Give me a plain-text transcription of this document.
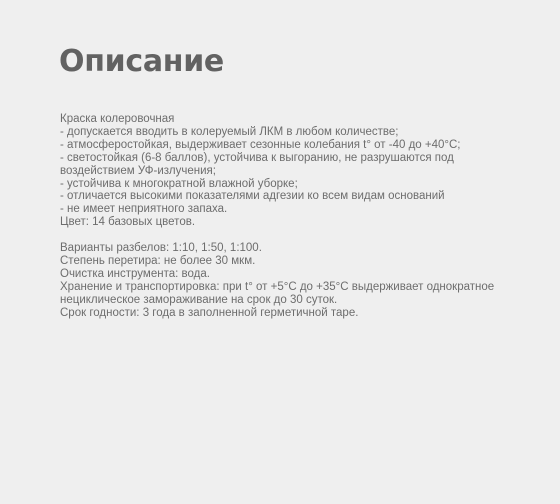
Описание
Краска колеровочная
- допускается вводить в колеруемый ЛКМ в любом количестве;
- атмосферостойкая, выдерживает сезонные колебания t° от -40 до +40°C;
- светостойкая (6-8 баллов), устойчива к выгоранию, не разрушаются под
воздействием УФ-излучения;
- устойчива к многократной влажной уборке;
- отличается высокими показателями адгезии ко всем видам оснований
- не имеет неприятного запаха.
Цвет: 14 базовых цветов.
Варианты разбелов: 1:10, 1:50, 1:100.
Степень перетира: не более 30 мкм.
Очистка инструмента: вода.
Хранение и транспортировка: при t° от +5°C до +35°C выдерживает однократное
нециклическое замораживание на срок до 30 суток.
Срок годности: 3 года в заполненной герметичной таре.
